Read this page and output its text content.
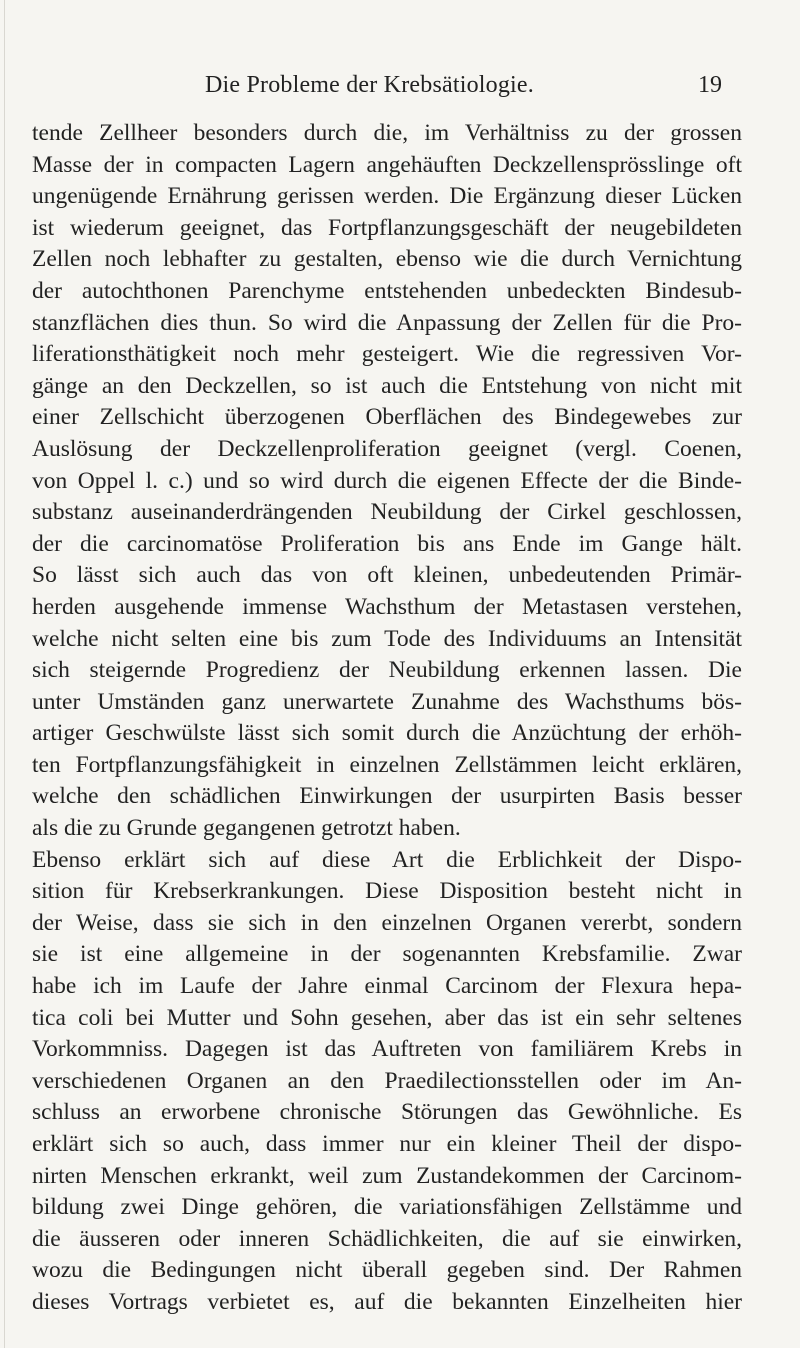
Die Probleme der Krebsätiologie.	19
tende Zellheer besonders durch die, im Verhältniss zu der grossen
Masse der in compacten Lagern angehäuften Deckzellensprösslinge oft
ungenügende Ernährung gerissen werden. Die Ergänzung dieser Lücken
ist wiederum geeignet, das Fortpflanzungsgeschäft der neugebildeten
Zellen noch lebhafter zu gestalten, ebenso wie die durch Vernichtung
der autochthonen Parenchyme entstehenden unbedeckten Bindesub-
stanzflächen dies thun. So wird die Anpassung der Zellen für die Pro-
liferationsthätigkeit noch mehr gesteigert. Wie die regressiven Vor-
gänge an den Deckzellen, so ist auch die Entstehung von nicht mit
einer Zellschicht überzogenen Oberflächen des Bindegewebes zur
Auslösung der Deckzellenproliferation geeignet (vergl. Coenen,
von Oppel l. c.) und so wird durch die eigenen Effecte der die Binde-
substanz auseinanderdrängenden Neubildung der Cirkel geschlossen,
der die carcinomatöse Proliferation bis ans Ende im Gange hält.
So lässt sich auch das von oft kleinen, unbedeutenden Primär-
herden ausgehende immense Wachsthum der Metastasen verstehen,
welche nicht selten eine bis zum Tode des Individuums an Intensität
sich steigernde Progredienz der Neubildung erkennen lassen. Die
unter Umständen ganz unerwartete Zunahme des Wachsthums bös-
artiger Geschwülste lässt sich somit durch die Anzüchtung der erhöh-
ten Fortpflanzungsfähigkeit in einzelnen Zellstämmen leicht erklären,
welche den schädlichen Einwirkungen der usurpirten Basis besser
als die zu Grunde gegangenen getrotzt haben.
Ebenso erklärt sich auf diese Art die Erblichkeit der Dispo-
sition für Krebserkrankungen. Diese Disposition besteht nicht in
der Weise, dass sie sich in den einzelnen Organen vererbt, sondern
sie ist eine allgemeine in der sogenannten Krebsfamilie. Zwar
habe ich im Laufe der Jahre einmal Carcinom der Flexura hepa-
tica coli bei Mutter und Sohn gesehen, aber das ist ein sehr seltenes
Vorkommniss. Dagegen ist das Auftreten von familiärem Krebs in
verschiedenen Organen an den Praedilectionsstellen oder im An-
schluss an erworbene chronische Störungen das Gewöhnliche. Es
erklärt sich so auch, dass immer nur ein kleiner Theil der dispo-
nirten Menschen erkrankt, weil zum Zustandekommen der Carcinom-
bildung zwei Dinge gehören, die variationsfähigen Zellstämme und
die äusseren oder inneren Schädlichkeiten, die auf sie einwirken,
wozu die Bedingungen nicht überall gegeben sind. Der Rahmen
dieses Vortrags verbietet es, auf die bekannten Einzelheiten hier
